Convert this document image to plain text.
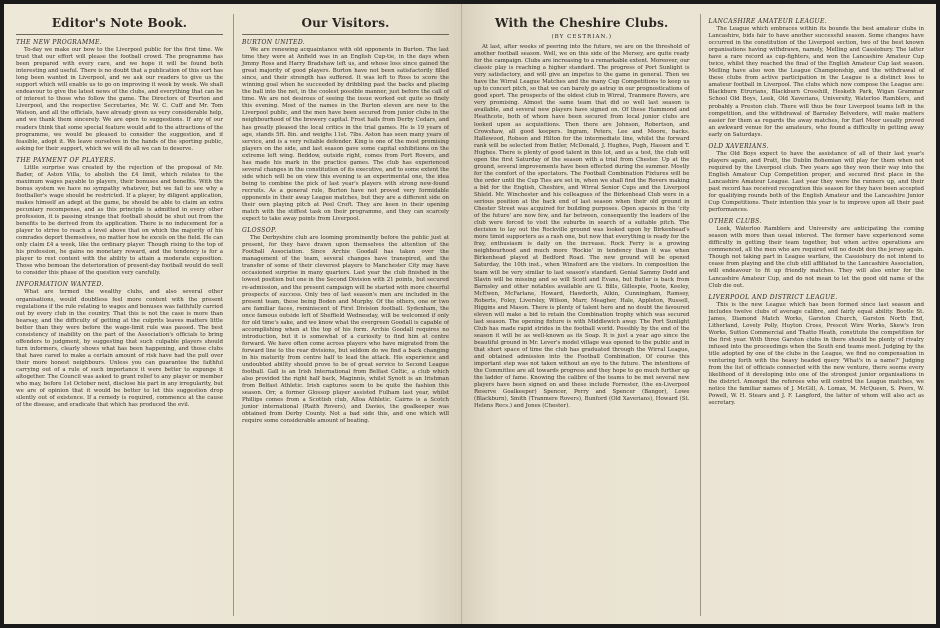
Editor's Note Book.
THE NEW PROGRAMME.

To-day we make our bow to the Liverpool public for the first time. We trust that our effort will please the football crowd. The programme has been prepared with every care, and we hope it will be found both interesting and useful. There is no doubt that a publication of this sort has long been wanted in Liverpool, and we ask our readers to give us the support which will enable us to go on improving it week by week. We shall endeavour to give the latest news of the clubs, and everything that can be of interest to those who follow the game. The Directors of Everton and Liverpool, and the respective Secretaries, Mr. W. C. Cuff and Mr. Tom Watson, and all the officials, have already given us very considerable help, and we thank them sincerely. We are open to suggestions. If any of our readers think that some special feature would add to the attractions of the programme, we would be pleased to consider the suggestion, and if feasible, adopt it. We leave ourselves in the hands of the sporting public, asking for their support, which we will do all we can to deserve.

THE PAYMENT OF PLAYERS.

Little surprise was created by the rejection of the proposal of Mr. Bader, of Aston Villa, to abolish the £4 limit, which relates to the maximum wages payable to players, their bonuses and benefits. With the bonus system we have no sympathy whatever, but we fail to see why a footballer's wage should be restricted. If a player, by diligent application, makes himself an adept at the game, he should be able to claim an extra pecuniary recompense, and as this principle is admitted in every other profession, it is passing strange that football should be shut out from the benefits to be derived from its application. There is no inducement for a player to strive to reach a level above that on which the majority of his comrades deport themselves, no matter how he excels on the field. He can only claim £4 a week, like the ordinary player. Though rising to the top of his profession, he gains no monetary reward, and the tendency is for a player to rest content with the ability to attain a moderate exposition. Those who bemoan the deterioration of present-day football would do well to consider this phase of the question very carefully.

INFORMATION WANTED.

What are termed the wealthy clubs, and also several other organisations, would doubtless feel more content with the present regulations if the rule relating to wages and bonuses was faithfully carried out by every club in the country. That this is not the case is more than hearsay, and the difficulty of getting at the culprits leaves matters little better than they were before the wage-limit rule was passed. The best consistency of inability on the part of the Association's officials to bring offenders to judgment, by suggesting that such culpable players should turn informers, clearly shows what has been happening, and those clubs that have cared to make a certain amount of risk have had the pull over their more honest neighbours. Unless you can guarantee the faithful carrying out of a rule of such importance it were better to expunge it altogether. The Council was asked to grant relief to any player or member who may, before 1st October next, disclose his part in any irregularity, but we are of opinion that it would be better to let this suggestion drop silently out of existence. If a remedy is required, commence at the cause of the disease, and eradicate that which has produced the evil.

Our Visitors.
BURTON UNITED.

We are renewing acquaintance with old opponents in Burton. The last time they were at Anfield was in an English Cup-tie, in the days when Jimmy Ross and Harry Bradshaw left us, and whose loss since gained the great majority of good players. Burton have not been satisfactorily filled since, and their strength has suffered. It was left to Ross to score the winning goal when he succeeded by dribbling past the backs and placing the ball into the net, in the coolest possible manner, just before the call of time. We are not desirous of seeing the issue worked out quite so finely this evening. Most of the names in the Burton eleven are new to the Liverpool public, and the men have been secured from junior clubs in the neighbourhood of the brewery capital. Frost hails from Derby Cedars, and has greatly pleased the local critics in the trial games. He is 19 years of age, stands 5ft. 8in. and weighs 11st. 7lbs. Aston has seen many years of service, and is a very reliable defender. King is one of the most promising players on the side, and last season gave some capital exhibitions on the extreme left wing. Beddow, outside right, comes from Port Rovers, and has made his mark in the practice games. The club has experienced several changes in the constitution of its executive, and to some extent the side which will be on view this evening is an experimental one, the idea being to combine the pick of last year's players with strong new-found recruits. As a general rule, Burton have not proved very formidable opponents in their away League matches, but they are a different side on their own playing pitch at Peel Croft. They are keen in their opening match with the stiffest task on their programme, and they can scarcely expect to take away points from Liverpool.

GLOSSOP.

The Derbyshire club are looming prominently before the public just at present, for they have drawn upon themselves the attention of the Football Association. Since Archie Goodall has taken over the management of the team, several changes have transpired, and the transfer of some of their cleverest players to Manchester City may have occasioned surprise in many quarters. Last year the club finished in the lowest position but one in the Second Division with 21 points, but secured re-admission, and the present campaign will be started with more cheerful prospects of success. Only two of last season's men are included in the present team, these being Boden and Murphy. Of the others, one or two are familiar faces, reminiscent of First Division football. Sydenham, the once famous outside left of Sheffield Wednesday, will be welcomed if only for old time's sake, and we know what the evergreen Goodall is capable of accomplishing when at the top of his form. Archie Goodall requires no introduction, but it is somewhat of a curiosity to find him at centre forward. We have often come across players who have migrated from the forward line to the rear divisions, but seldom do we find a back changing in his maturity from centre half to lead the attack. His experience and undoubted ability should prove to be of great service to Second League football. Gall is an Irish International from Belfast Celtic, a club which also provided the right half back, Maginnis, whilst Synott is an Irishman from Belfast Athletic. Irish captures seem to be quite the fashion this season. Orr, a former Glossop player assisted Fulham last year, whilst Phillips comes from a Scottish club, Alloa Athletic. Cairns is a Scotch junior international (Raith Rovers), and Davies, the goalkeeper was obtained from Derby County. Not a bad side this, and one which will require some considerable amount of beating.

With the Cheshire Clubs.
(BY CESTRIAN.)

At last, after weeks of peering into the future, we are on the threshold of another football season. Well, we on this side of the Mersey, are quite ready for the campaign. Clubs are increasing to a remarkable extent. Moreover, our classic play is reaching a higher standard. The progress of Port Sunlight is very satisfactory, and will give an impetus to the game in general. Then we have the Wirral League Matches and the many Cup Competitions to keep us up to concert pitch, so that we can barely go astray in our prognostications of good sport. The prospects of the oldest club in Wirral, Tranmere Rovers, are very promising. Almost the same team that did so well last season is available, and several new players have signed on. Of these Hammond and Heathcote, both of whom have been secured from local junior clubs are looked upon as acquisitions. Then there are Johnson, Robertson, and Crowshaw, all good keepers. Ingram, Peters, Lee and Moore, backs. Hallewood, Robson and Hilton for the intermediate line, whilst the forward rank will be selected from Butler, McDonald, J. Hughes, Pugh, Hassen and T. Hughes. There is plenty of good talent in this lot, and as a test, the club will open the first Saturday of the season with a trial from Chester. Up at the ground, several improvements have been effected during the summer. Mostly for the comfort of the spectators. The Football Combination Fixtures will be the order until the Cup Ties are set in, when we shall find the Rovers making a bid for the English, Cheshire, and Wirral Senior Cups and the Liverpool Shield. Mr. Winchester and his colleagues of the Birkenhead Club were in a serious position at the back end of last season when their old ground in Chester Street was acquired for building purposes. Open spaces in the 'city of the future' are now few, and far between, consequently the leaders of the club were forced to visit the suburbs in search of a suitable pitch. The decision to lay out the Rockville ground was looked upon by Birkenhead's more timid supporters as a rash one, but now that everything is ready for the fray, enthusiasm is daily on the increase. Rock Ferry is a growing neighbourhood and much more 'Rockie' in tendency than it was when Birkenhead played at Bedford Road. The new ground will be opened Saturday, the 10th inst., when Winsford are the visitors. In composition the team will be very similar to last season's standard. Genial Sammy Dodd and Slavin will be missing and so will Scott and Evans, but Butler is back from Barnsley and other notables available are G. Bills, Gillespie, Foote, Keeley, McEwen, McFarlane, Howard, Hawdorth, Aikin, Cunningham, Ramsey, Roberts, Foley, Liversley, Wilson, Marr, Meagher, Hale, Appleton, Russell, Higgins and Mason. There is plenty of talent here and no doubt the favoured eleven will make a bid to retain the Combination trophy which was secured last season. The opening fixture is with Middlewich away. The Port Sunlight Club has made rapid strides in the football world. Possibly by the end of the season it will be as well-known as its Soap. It is just a year ago since the beautiful ground in Mr. Lever's model village was opened to the public and in that short space of time the club has graduated through the Wirral League, and obtained admission into the Football Combination. Of course this important step was not taken without an eye to the future. The intentions of the Committee are all towards progress and they hope to go much further up the ladder of fame. Knowing the calibre of the teams to be met several new players have been signed on and these include Forrester, (the ex-Liverpool Reserve Goalkeeper) Spencer, Perry and Spencer (Bangor), Lowe (Blackburn), Smith (Tranmere Rovers), Bunford (Old Xaverians), Howard (St. Helens Recs.) and Jones (Chester).

LANCASHIRE AMATEUR LEAGUE.

The League which embraces within its bounds the best amateur clubs in Lancashire, bids fair to have another successful season. Some changes have occurred in the constitution of the Liverpool section, two of the best known organisations having withdrawn, namely, Melling and Cassiobury. The latter have a rare record as cup-fighters, and won the Lancashire Amateur Cup twice, whilst they reached the final of the English Amateur Cup last season. Melling have also won the League Championship, and the withdrawal of these clubs from active participation in the League is a distinct loss to amateur football in Liverpool. The clubs which now compose the League are: Blackburn Etrurians, Blackburn Crosshill, Hesketh Park, Wigan Grammar School Old Boys, Leek, Old Xaverians, University, Waterloo Ramblers, and probably a Preston club. There will thus be four Liverpool teams left in the competition, and the withdrawal of Barnsley Belvedere, will make matters easier for them as regards the away matches, for Earl Moor usually proved an awkward venue for the amateurs, who found a difficulty in getting away early on Saturdays.

OLD XAVERIANS.

The Old Boys expect to have the assistance of all of their last year's players again, and Pratt, the Dublin Bohemian will play for them when not required by the Liverpool club. Two years ago they won their way into the English Amateur Cup Competition proper, and secured first place in the Lancashire Amateur League. Last year they were the runners up, and their past record has received recognition this season for they have been accepted for qualifying rounds both of the English Amateur and the Lancashire Junior Cup Competitions. Their intention this year is to improve upon all their past performances.

OTHER CLUBS.

Leek, Waterloo Ramblers and University are anticipating the coming season with more than usual interest. The former have experienced some difficulty in getting their team together, but when active operations are commenced, all the men who are required will no doubt don the jersey again. Though not taking part in League warfare, the Cassiobury do not intend to cease from playing and the club still affiliated to the Lancashire Association, will endeavour to fit up friendly matches. They will also enter for the Lancashire Amateur Cup, and do not mean to let the good old name of the Club die out.

LIVERPOOL AND DISTRICT LEAGUE.

This is the new League which has been formed since last season and includes twelve clubs of average calibre, and fairly equal ability. Bootle St. James, Diamond Match Works, Garston Church, Garston North End, Litherland, Lovely Polly, Huyton Cross, Prescot Wire Works, Skew's Iron Works, Sutton Commercial and Thatto Heath, constitute the competition for the first year. With three Garston clubs in there should be plenty of rivalry infused into the proceedings when the South end teams meet. Judging by the title adopted by one of the clubs in the League, we find no compensation in venturing forth with the heavy headed query 'What's in a name?' Judging from the list of officials connected with the new venture, there seems every likelihood of it developing into one of the strongest junior organisations in the district. Amongst the referees who will control the League matches, we notice the familiar names of J. McGill, A. Lomax, M. McQueen, S. Peers, W. Powell, W. H. Stears and J. F. Langford, the latter of whom will also act as secretary.
